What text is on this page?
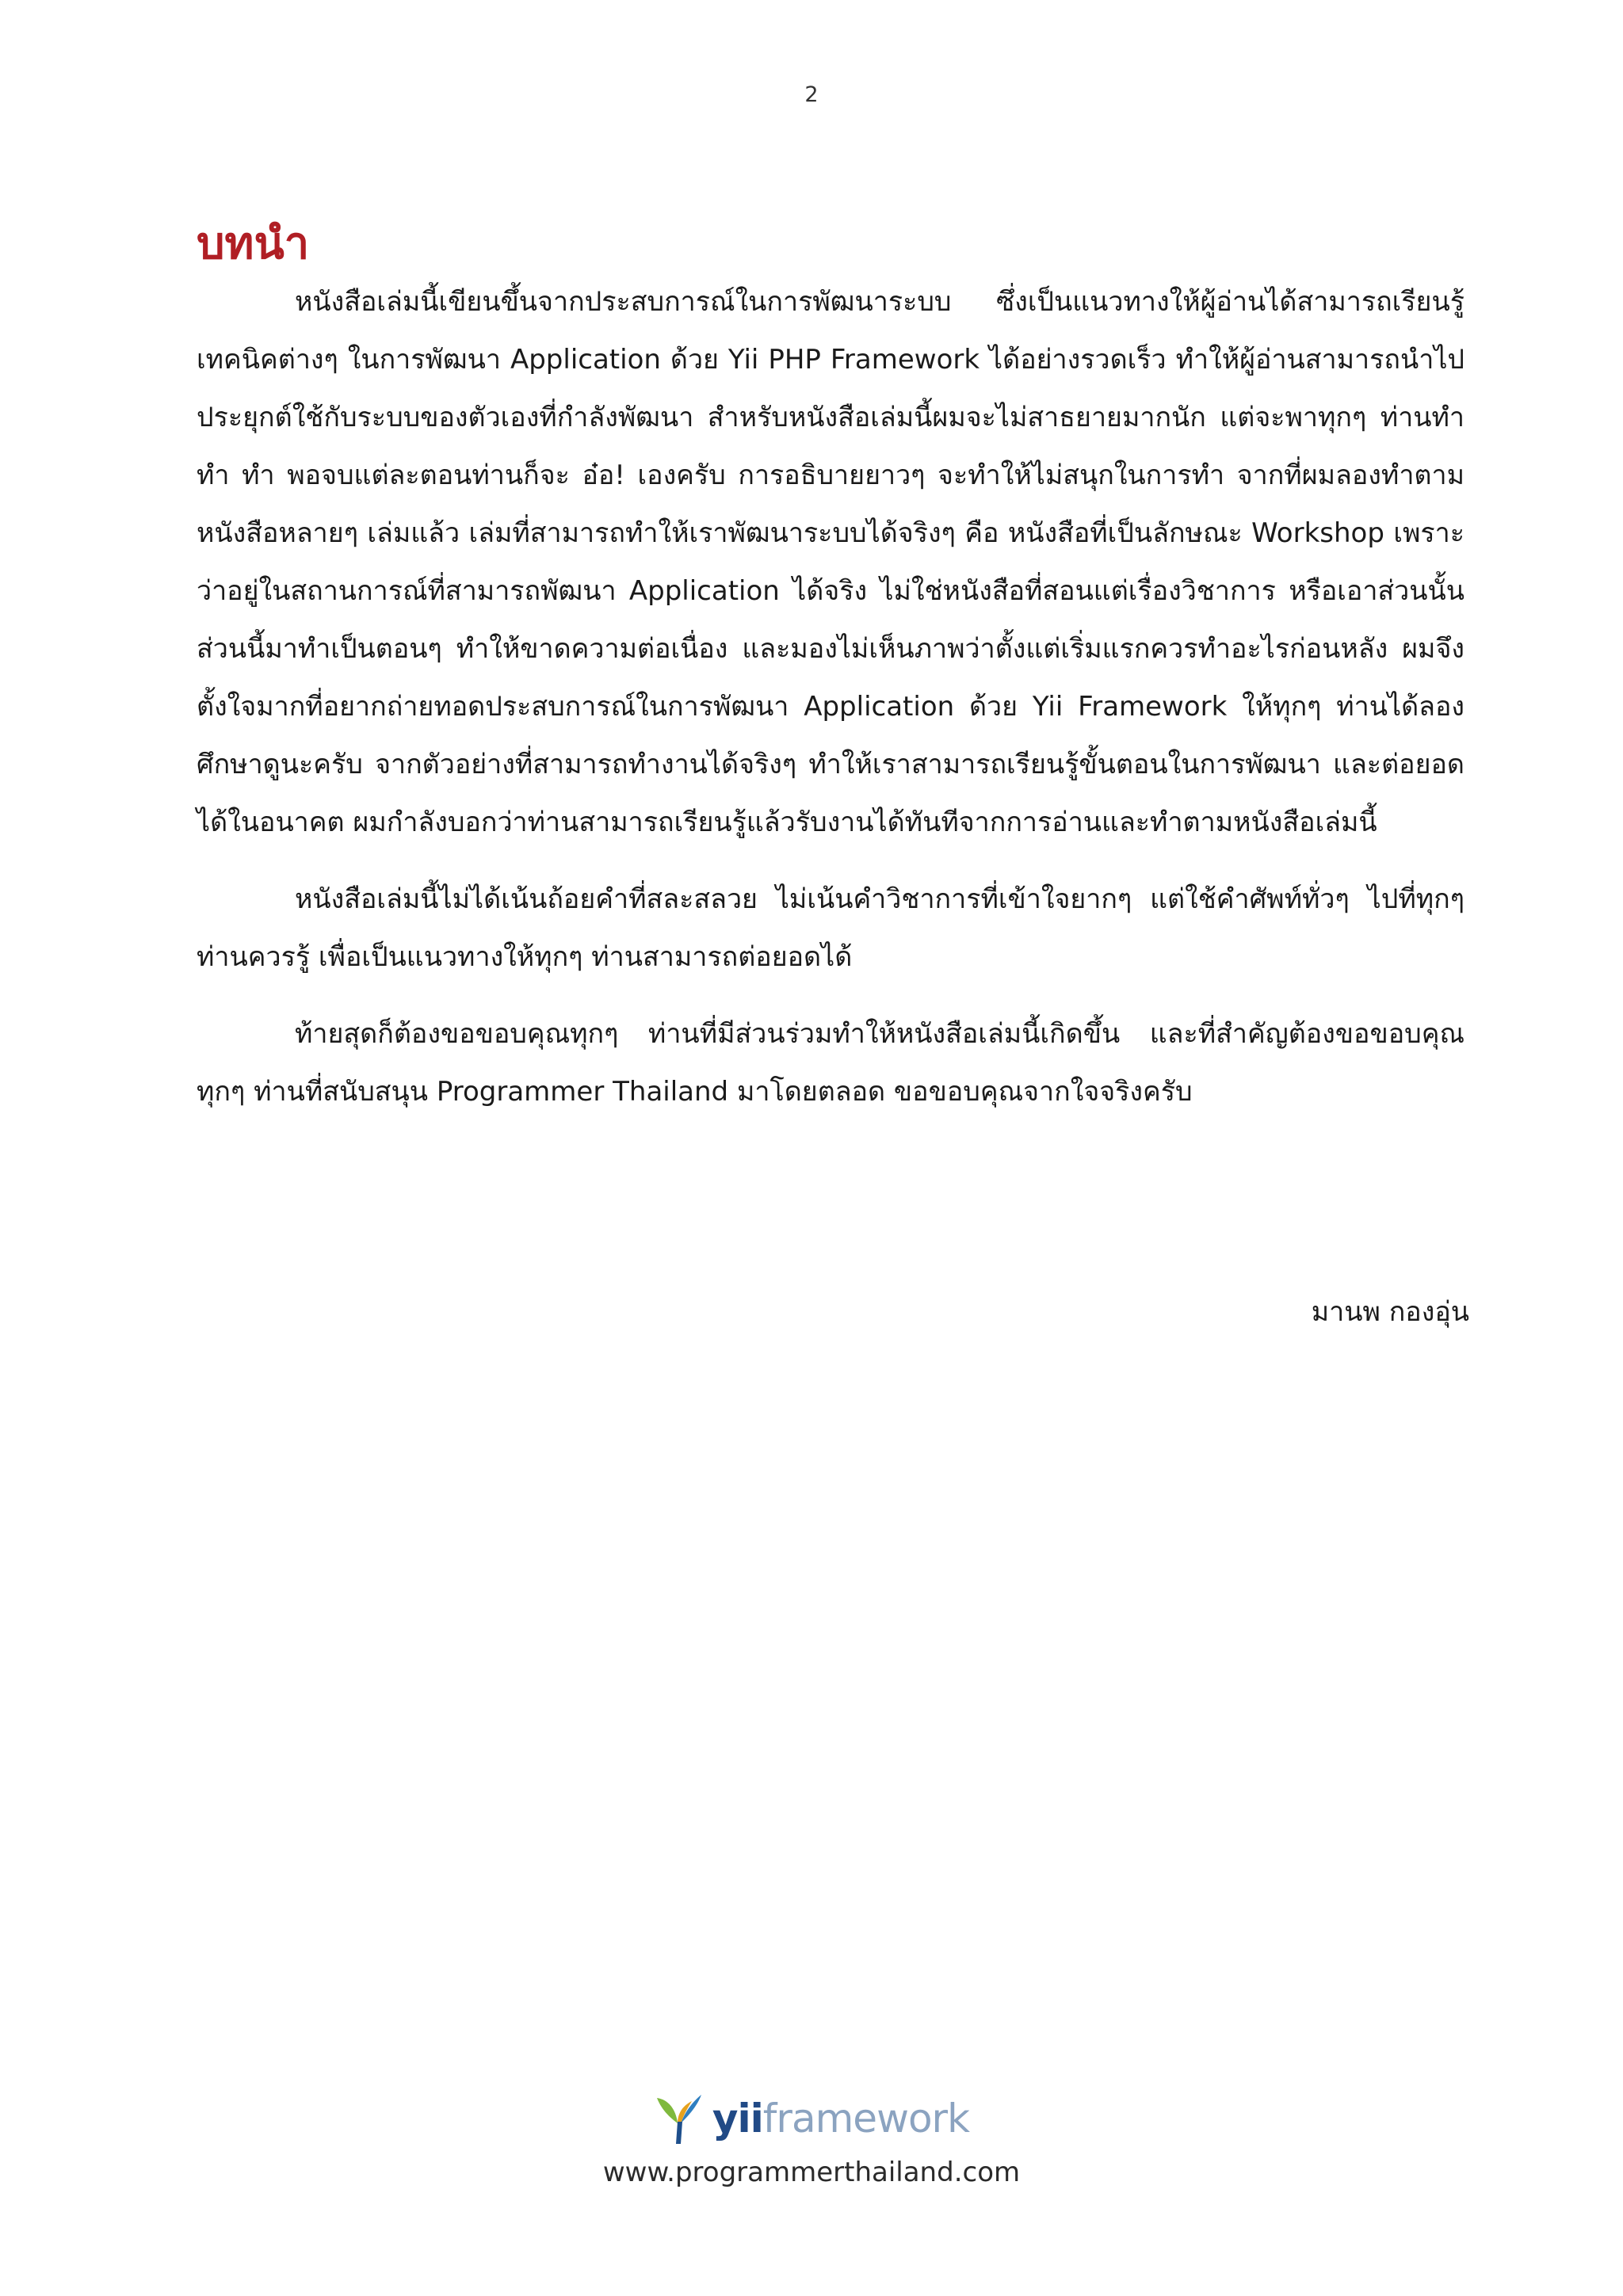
2
บทนำ

หนังสือเล่มนี้เขียนขึ้นจากประสบการณ์ในการพัฒนาระบบ ซึ่งเป็นแนวทางให้ผู้อ่านได้สามารถเรียนรู้เทคนิคต่างๆ ในการพัฒนา Application ด้วย Yii PHP Framework ได้อย่างรวดเร็ว ทำให้ผู้อ่านสามารถนำไปประยุกต์ใช้กับระบบของตัวเองที่กำลังพัฒนา สำหรับหนังสือเล่มนี้ผมจะไม่สาธยายมากนัก แต่จะพาทุกๆ ท่านทำ ทำ ทำ พอจบแต่ละตอนท่านก็จะ อ๋อ! เองครับ การอธิบายยาวๆ จะทำให้ไม่สนุกในการทำ จากที่ผมลองทำตามหนังสือหลายๆ เล่มแล้ว เล่มที่สามารถทำให้เราพัฒนาระบบได้จริงๆ คือ หนังสือที่เป็นลักษณะ Workshop เพราะว่าอยู่ในสถานการณ์ที่สามารถพัฒนา Application ได้จริง ไม่ใช่หนังสือที่สอนแต่เรื่องวิชาการ หรือเอาส่วนนั้น ส่วนนี้มาทำเป็นตอนๆ ทำให้ขาดความต่อเนื่อง และมองไม่เห็นภาพว่าตั้งแต่เริ่มแรกควรทำอะไรก่อนหลัง ผมจึงตั้งใจมากที่อยากถ่ายทอดประสบการณ์ในการพัฒนา Application ด้วย Yii Framework ให้ทุกๆ ท่านได้ลองศึกษาดูนะครับ จากตัวอย่างที่สามารถทำงานได้จริงๆ ทำให้เราสามารถเรียนรู้ขั้นตอนในการพัฒนา และต่อยอดได้ในอนาคต ผมกำลังบอกว่าท่านสามารถเรียนรู้แล้วรับงานได้ทันทีจากการอ่านและทำตามหนังสือเล่มนี้

หนังสือเล่มนี้ไม่ได้เน้นถ้อยคำที่สละสลวย ไม่เน้นคำวิชาการที่เข้าใจยากๆ แต่ใช้คำศัพท์ทั่วๆ ไปที่ทุกๆ ท่านควรรู้ เพื่อเป็นแนวทางให้ทุกๆ ท่านสามารถต่อยอดได้

ท้ายสุดก็ต้องขอขอบคุณทุกๆ ท่านที่มีส่วนร่วมทำให้หนังสือเล่มนี้เกิดขึ้น และที่สำคัญต้องขอขอบคุณทุกๆ ท่านที่สนับสนุน Programmer Thailand มาโดยตลอด ขอขอบคุณจากใจจริงครับ

มานพ กองอุ่น
yiiframework
www.programmerthailand.com
